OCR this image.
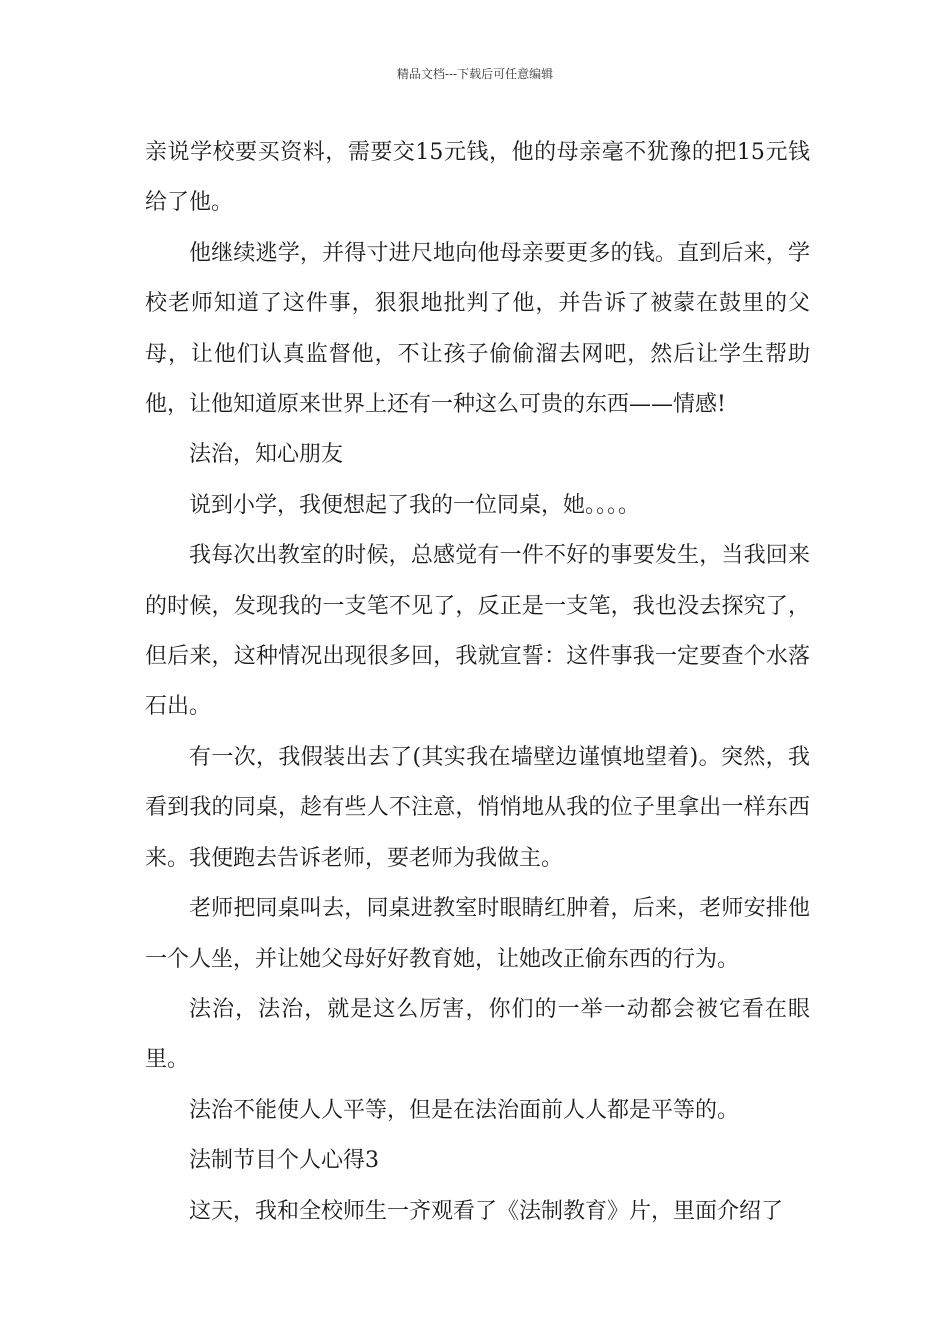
精品文档---下载后可任意编辑

亲说学校要买资料，需要交15元钱，他的母亲毫不犹豫的把15元钱给了他。

他继续逃学，并得寸进尺地向他母亲要更多的钱。直到后来，学校老师知道了这件事，狠狠地批判了他，并告诉了被蒙在鼓里的父母，让他们认真监督他，不让孩子偷偷溜去网吧，然后让学生帮助他，让他知道原来世界上还有一种这么可贵的东西——情感!

法治，知心朋友

说到小学，我便想起了我的一位同桌，她。。。。

我每次出教室的时候，总感觉有一件不好的事要发生，当我回来的时候，发现我的一支笔不见了，反正是一支笔，我也没去探究了，但后来，这种情况出现很多回，我就宣誓：这件事我一定要查个水落石出。

有一次，我假装出去了(其实我在墙壁边谨慎地望着)。突然，我看到我的同桌，趁有些人不注意，悄悄地从我的位子里拿出一样东西来。我便跑去告诉老师，要老师为我做主。

老师把同桌叫去，同桌进教室时眼睛红肿着，后来，老师安排他一个人坐，并让她父母好好教育她，让她改正偷东西的行为。

法治，法治，就是这么厉害，你们的一举一动都会被它看在眼里。

法治不能使人人平等，但是在法治面前人人都是平等的。

法制节目个人心得3

这天，我和全校师生一齐观看了《法制教育》片，里面介绍了
